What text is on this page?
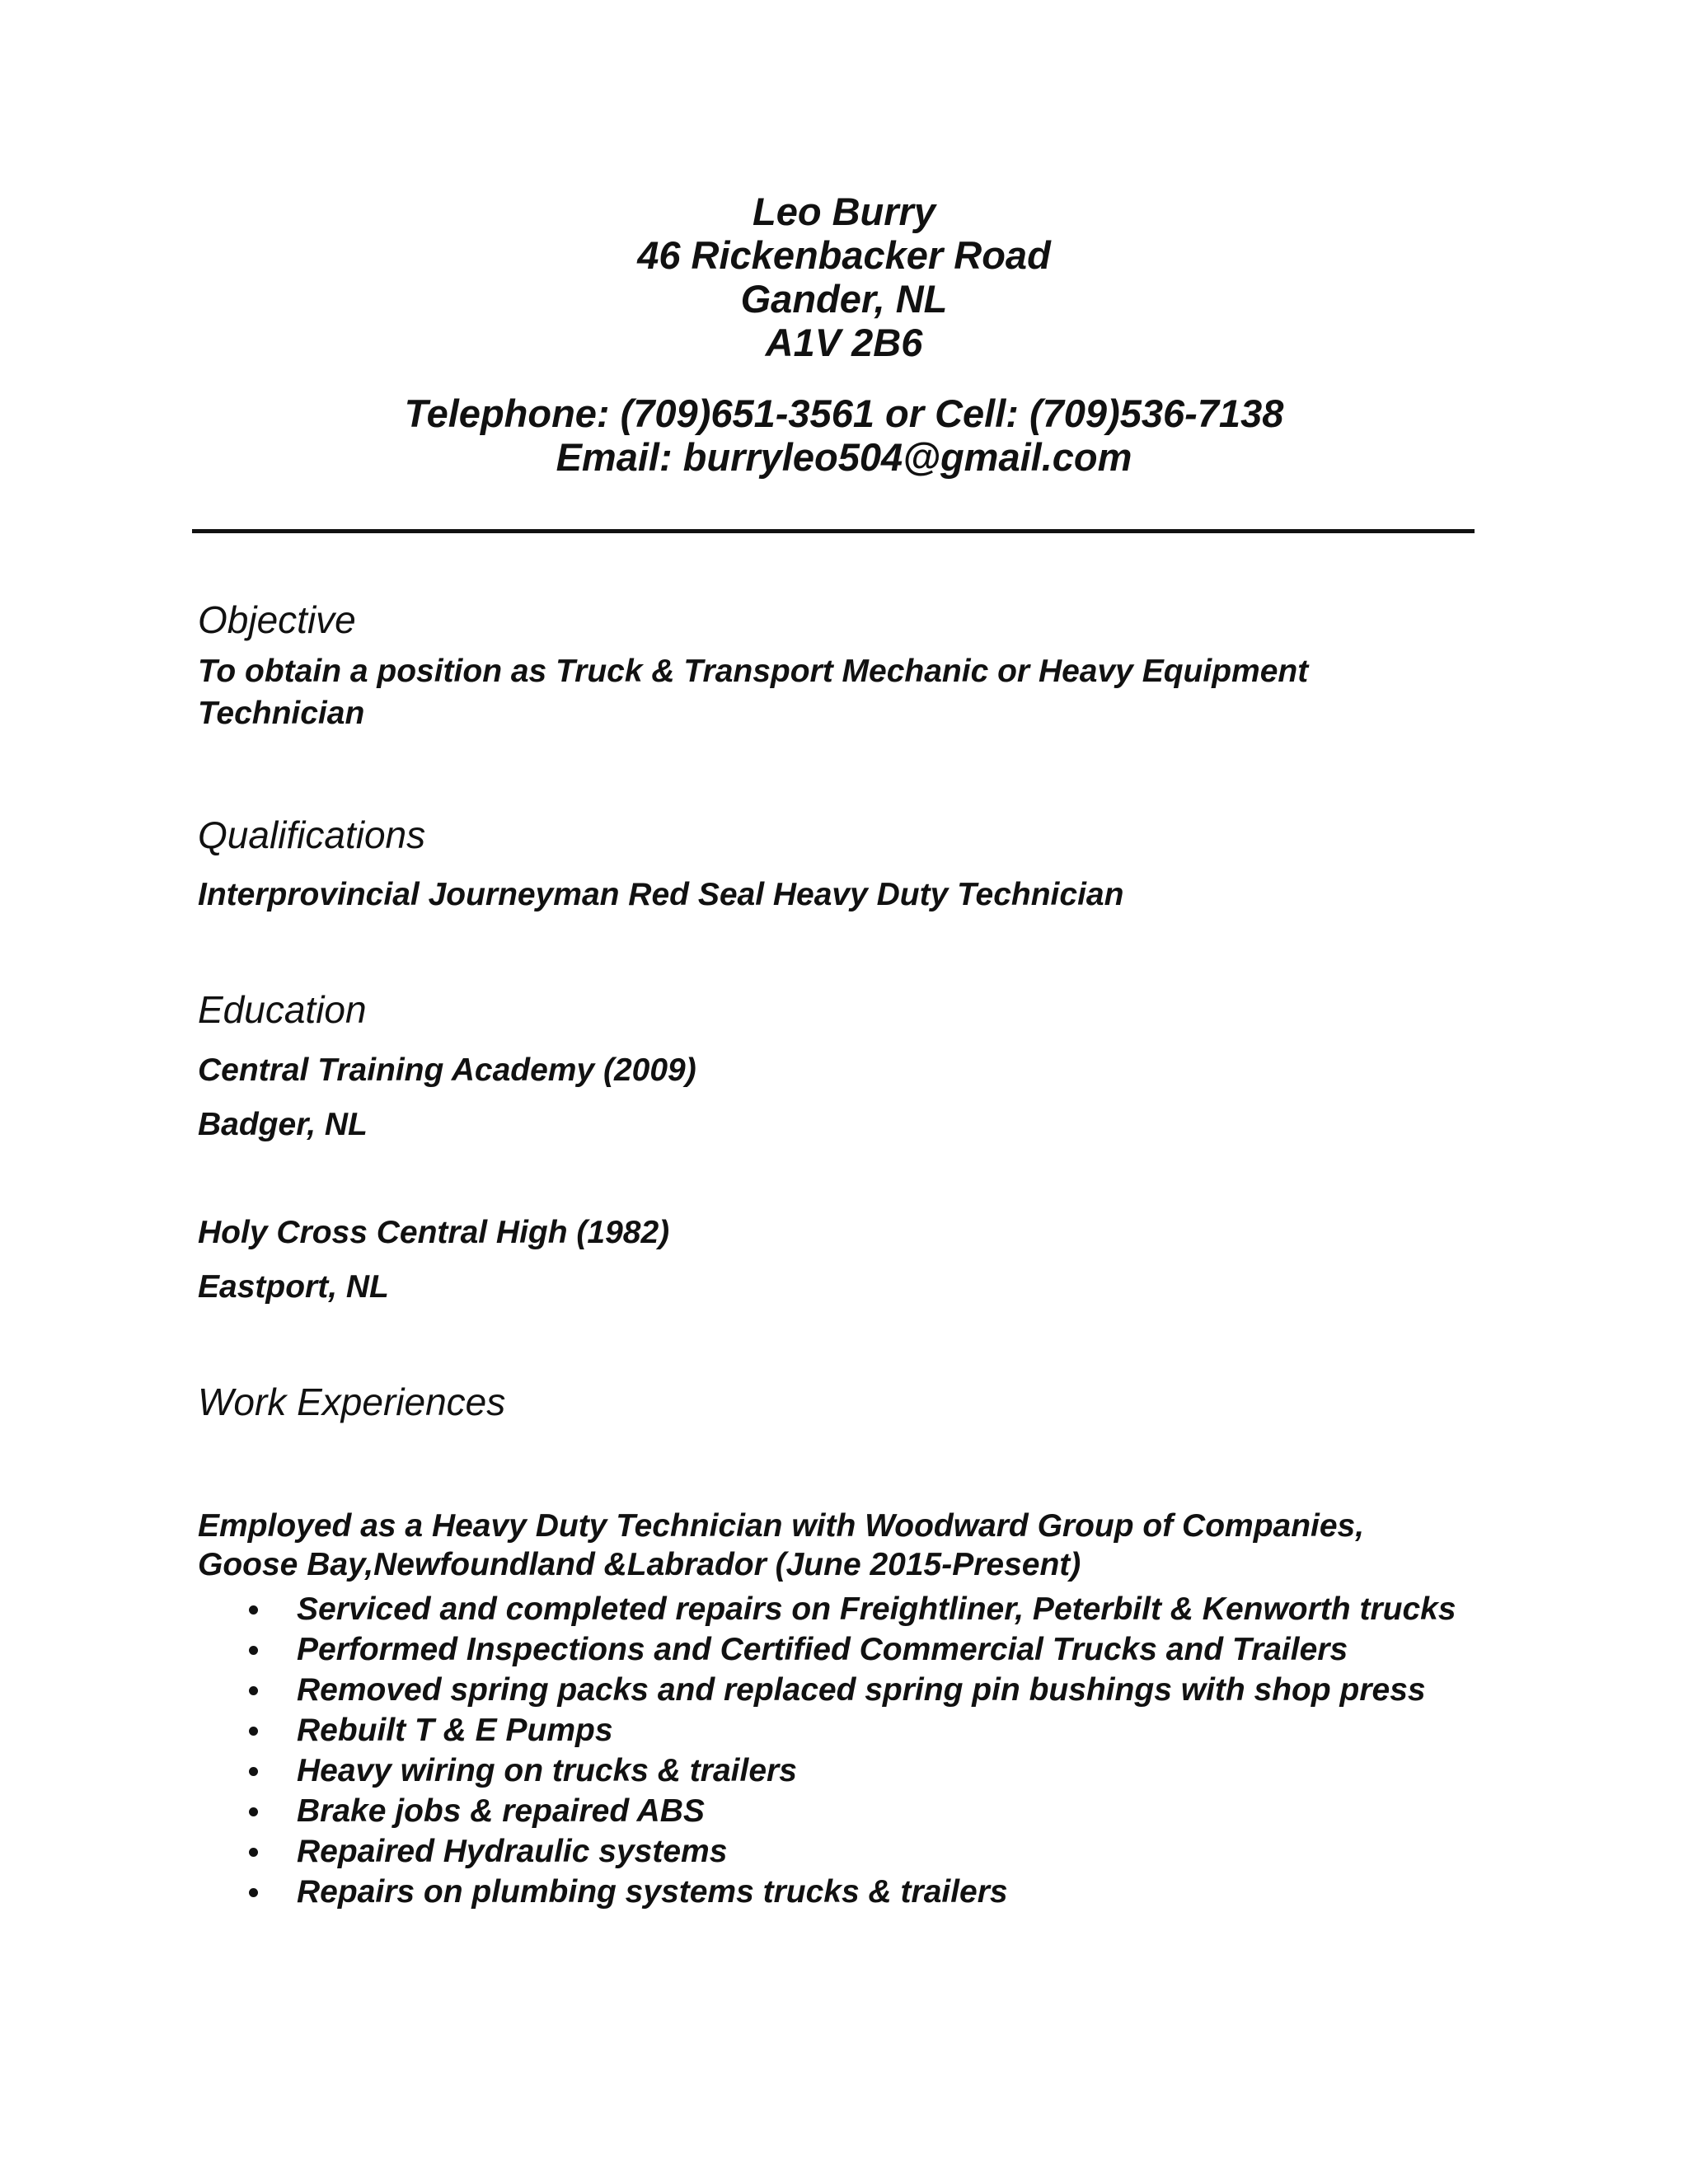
Leo Burry

46 Rickenbacker Road

Gander, NL

A1V 2B6

Telephone: (709)651-3561 or Cell: (709)536-7138

Email: burryleo504@gmail.com

Objective

To obtain a position as Truck & Transport Mechanic or Heavy Equipment

Technician

Qualifications

Interprovincial Journeyman Red Seal Heavy Duty Technician

Education

Central Training Academy (2009)

Badger, NL

Holy Cross Central High (1982)

Eastport, NL

Work Experiences

Employed as a Heavy Duty Technician with Woodward Group of Companies,

Goose Bay,Newfoundland &Labrador (June 2015-Present)

Serviced and completed repairs on Freightliner, Peterbilt & Kenworth trucks
Performed Inspections and Certified Commercial Trucks and Trailers
Removed spring packs and replaced spring pin bushings with shop press
Rebuilt T & E Pumps
Heavy wiring on trucks & trailers
Brake jobs & repaired ABS
Repaired Hydraulic systems
Repairs on plumbing systems trucks & trailers
